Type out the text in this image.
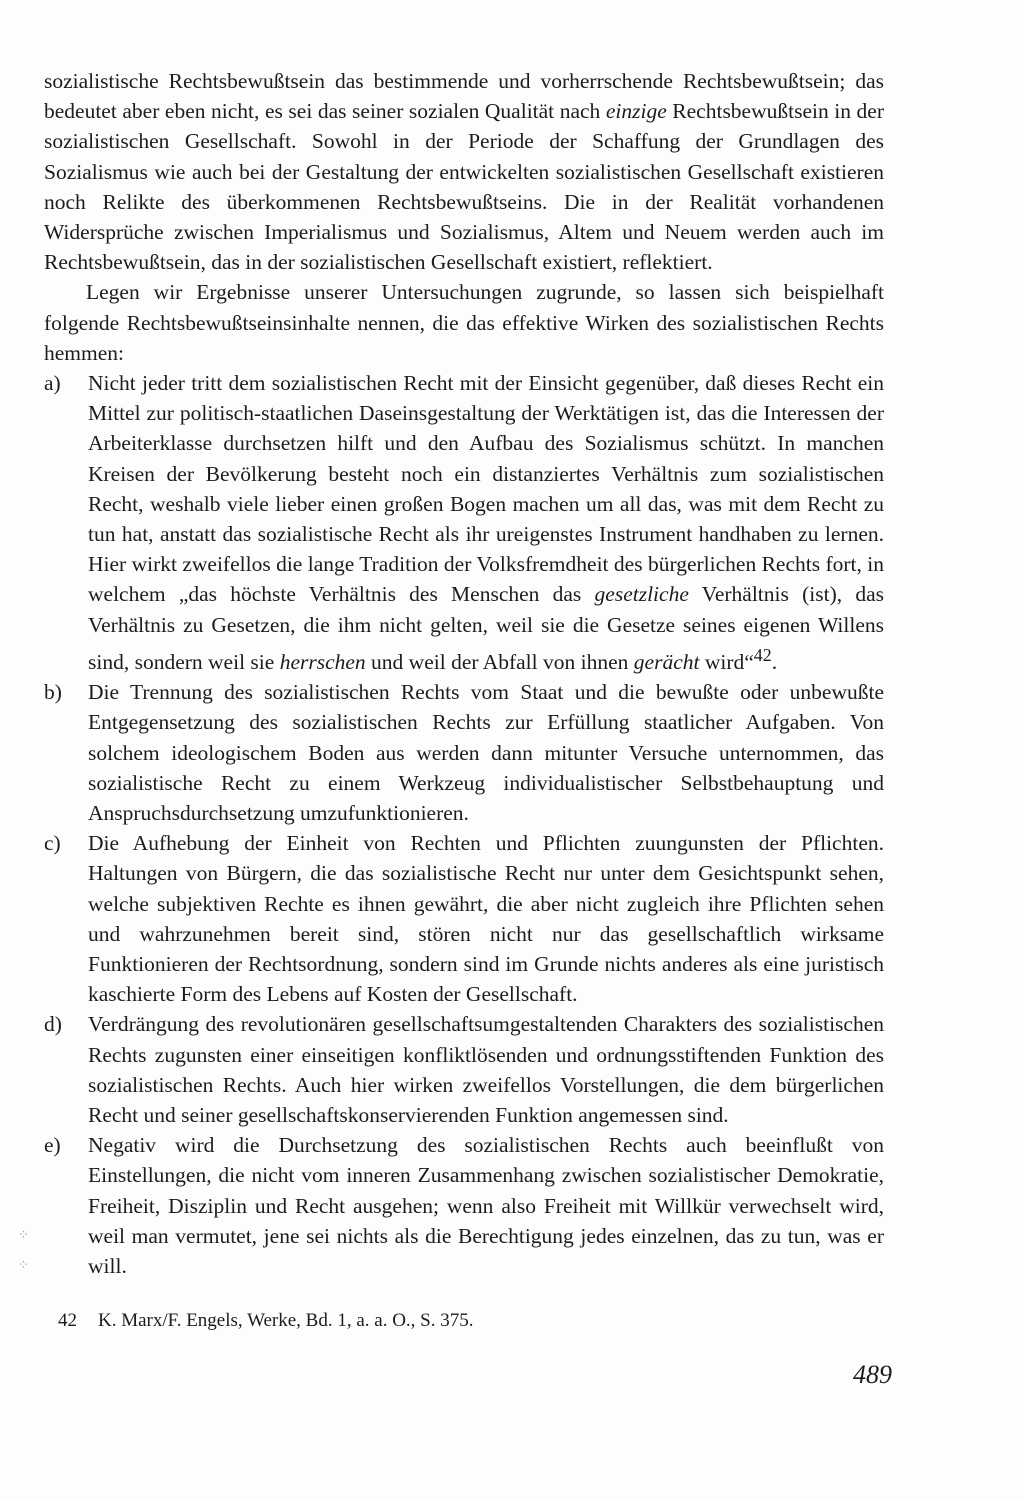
sozialistische Rechtsbewußtsein das bestimmende und vorherrschende Rechtsbewußtsein; das bedeutet aber eben nicht, es sei das seiner sozialen Qualität nach einzige Rechtsbewußtsein in der sozialistischen Gesellschaft. Sowohl in der Periode der Schaffung der Grundlagen des Sozialismus wie auch bei der Gestaltung der entwickelten sozialistischen Gesellschaft existieren noch Relikte des überkommenen Rechtsbewußtseins. Die in der Realität vorhandenen Widersprüche zwischen Imperialismus und Sozialismus, Altem und Neuem werden auch im Rechtsbewußtsein, das in der sozialistischen Gesellschaft existiert, reflektiert.

Legen wir Ergebnisse unserer Untersuchungen zugrunde, so lassen sich beispielhaft folgende Rechtsbewußtseinsinhalte nennen, die das effektive Wirken des sozialistischen Rechts hemmen:

a)	Nicht jeder tritt dem sozialistischen Recht mit der Einsicht gegenüber, daß dieses Recht ein Mittel zur politisch-staatlichen Daseinsgestaltung der Werktätigen ist, das die Interessen der Arbeiterklasse durchsetzen hilft und den Aufbau des Sozialismus schützt. In manchen Kreisen der Bevölkerung besteht noch ein distanziertes Verhältnis zum sozialistischen Recht, weshalb viele lieber einen großen Bogen machen um all das, was mit dem Recht zu tun hat, anstatt das sozialistische Recht als ihr ureigenstes Instrument handhaben zu lernen. Hier wirkt zweifellos die lange Tradition der Volksfremdheit des bürgerlichen Rechts fort, in welchem „das höchste Verhältnis des Menschen das gesetzliche Verhältnis (ist), das Verhältnis zu Gesetzen, die ihm nicht gelten, weil sie die Gesetze seines eigenen Willens sind, sondern weil sie herrschen und weil der Abfall von ihnen gerächt wird“$^{42}$.
b)	Die Trennung des sozialistischen Rechts vom Staat und die bewußte oder unbewußte Entgegensetzung des sozialistischen Rechts zur Erfüllung staatlicher Aufgaben. Von solchem ideologischem Boden aus werden dann mitunter Versuche unternommen, das sozialistische Recht zu einem Werkzeug individualistischer Selbstbehauptung und Anspruchsdurchsetzung umzufunktionieren.
c)	Die Aufhebung der Einheit von Rechten und Pflichten zuungunsten der Pflichten. Haltungen von Bürgern, die das sozialistische Recht nur unter dem Gesichtspunkt sehen, welche subjektiven Rechte es ihnen gewährt, die aber nicht zugleich ihre Pflichten sehen und wahrzunehmen bereit sind, stören nicht nur das gesellschaftlich wirksame Funktionieren der Rechtsordnung, sondern sind im Grunde nichts anderes als eine juristisch kaschierte Form des Lebens auf Kosten der Gesellschaft.
d)	Verdrängung des revolutionären gesellschaftsumgestaltenden Charakters des sozialistischen Rechts zugunsten einer einseitigen konfliktlösenden und ordnungsstiftenden Funktion des sozialistischen Rechts. Auch hier wirken zweifellos Vorstellungen, die dem bürgerlichen Recht und seiner gesellschaftskonservierenden Funktion angemessen sind.
e)	Negativ wird die Durchsetzung des sozialistischen Rechts auch beeinflußt von Einstellungen, die nicht vom inneren Zusammenhang zwischen sozialistischer Demokratie, Freiheit, Disziplin und Recht ausgehen; wenn also Freiheit mit Willkür verwechselt wird, weil man vermutet, jene sei nichts als die Berechtigung jedes einzelnen, das zu tun, was er will.
⁘
⁘
42 K. Marx/F. Engels, Werke, Bd. 1, a. a. O., S. 375.
489
